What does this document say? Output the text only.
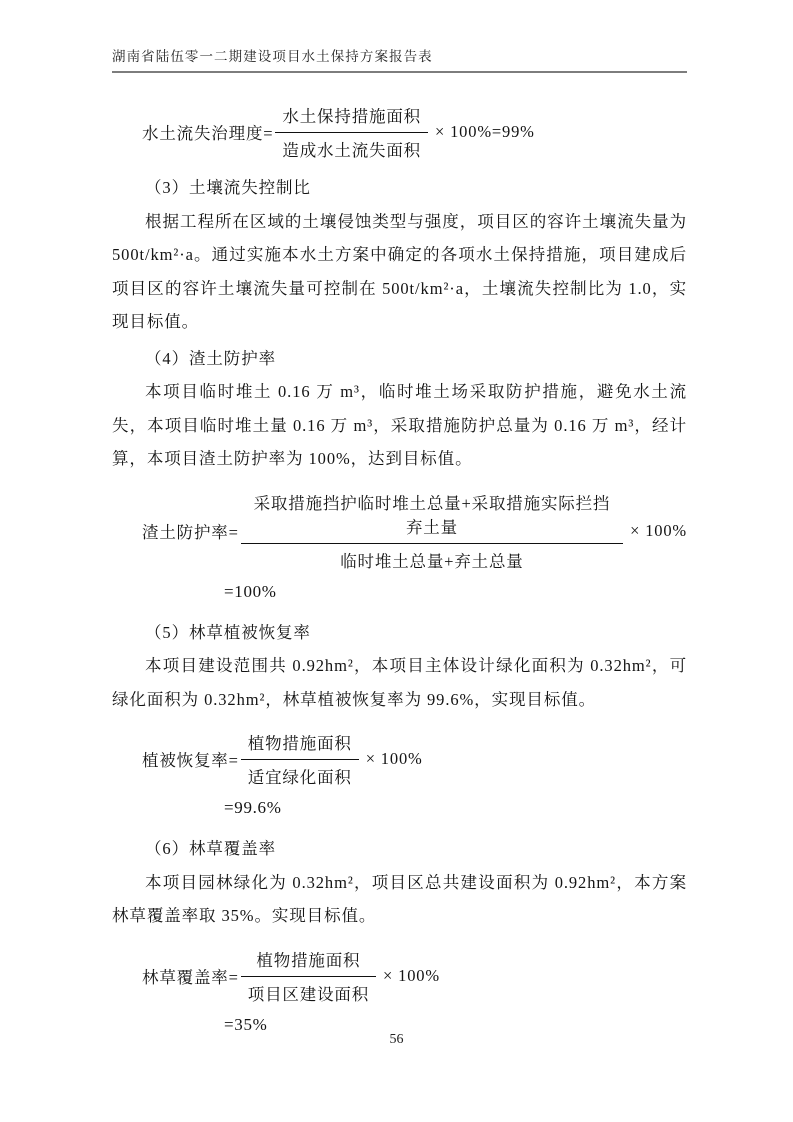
湖南省陆伍零一二期建设项目水土保持方案报告表
水土流失治理度= $\frac{\text{水土保持措施面积}}{\text{造成水土流失面积}} \times 100\%=99\%$

（3）土壤流失控制比

根据工程所在区域的土壤侵蚀类型与强度，项目区的容许土壤流失量为 500t/km²·a。通过实施本水土方案中确定的各项水土保持措施，项目建成后项目区的容许土壤流失量可控制在 500t/km²·a，土壤流失控制比为 1.0，实现目标值。

（4）渣土防护率

本项目临时堆土 0.16 万 m³，临时堆土场采取防护措施，避免水土流失，本项目临时堆土量 0.16 万 m³，采取措施防护总量为 0.16 万 m³，经计算，本项目渣土防护率为 100%，达到目标值。

渣土防护率= $\frac{\text{采取措施挡护临时堆土总量+采取措施实际拦挡弃土量}}{\text{临时堆土总量+弃土总量}} \times 100\%$
=100%

（5）林草植被恢复率

本项目建设范围共 0.92hm²，本项目主体设计绿化面积为 0.32hm²，可绿化面积为 0.32hm²，林草植被恢复率为 99.6%，实现目标值。

植被恢复率= $\frac{\text{植物措施面积}}{\text{适宜绿化面积}} \times 100\%$
=99.6%

（6）林草覆盖率

本项目园林绿化为 0.32hm²，项目区总共建设面积为 0.92hm²，本方案林草覆盖率取 35%。实现目标值。

林草覆盖率= $\frac{\text{植物措施面积}}{\text{项目区建设面积}} \times 100\%$
=35%
56
